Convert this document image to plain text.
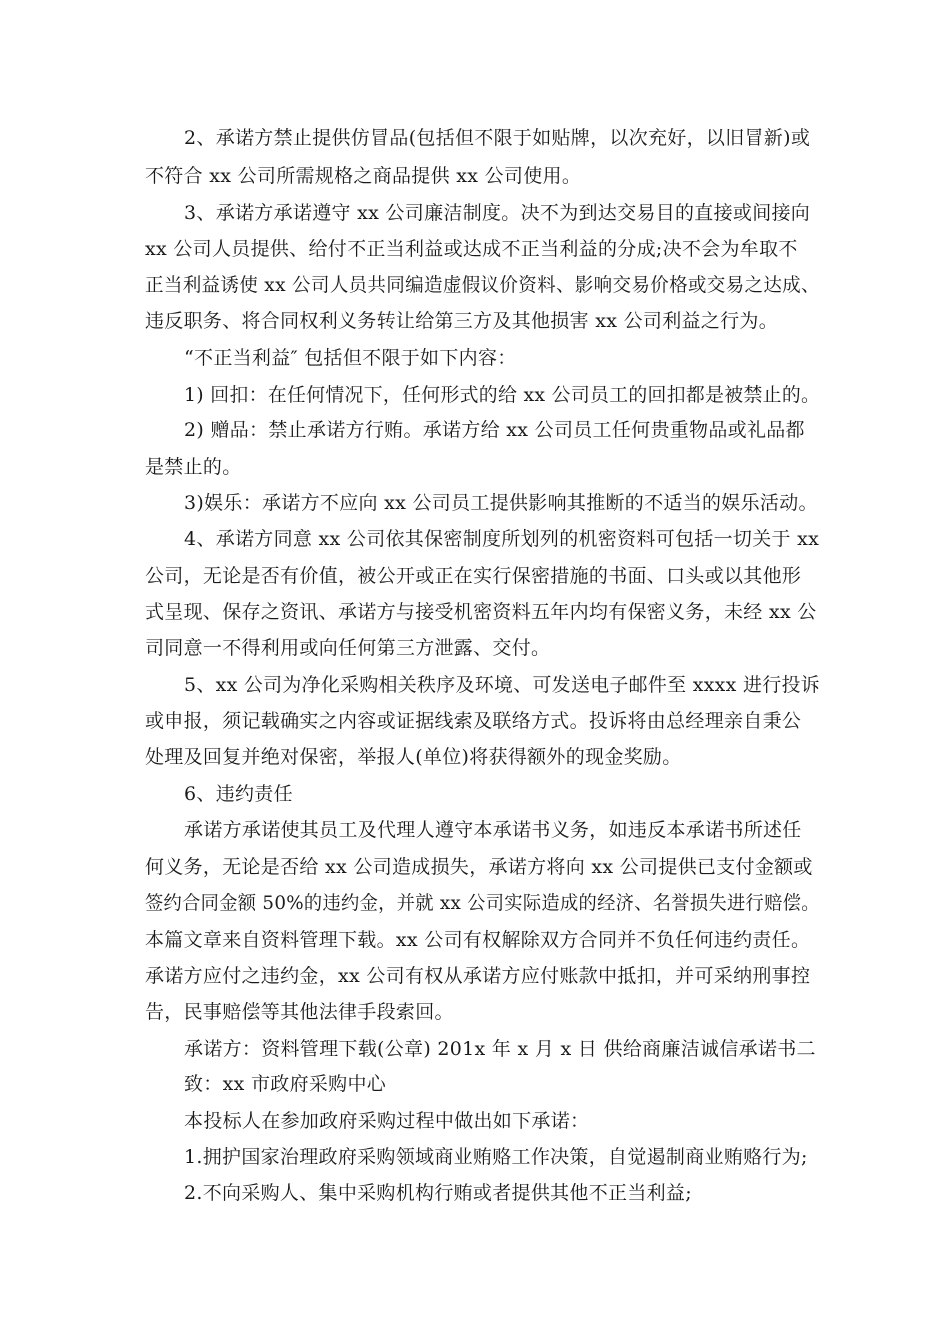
2、承诺方禁止提供仿冒品(包括但不限于如贴牌，以次充好，以旧冒新)或
不符合 xx 公司所需规格之商品提供 xx 公司使用。
3、承诺方承诺遵守 xx 公司廉洁制度。决不为到达交易目的直接或间接向
xx 公司人员提供、给付不正当利益或达成不正当利益的分成;决不会为牟取不
正当利益诱使 xx 公司人员共同编造虚假议价资料、影响交易价格或交易之达成、
违反职务、将合同权利义务转让给第三方及其他损害 xx 公司利益之行为。
“不正当利益″ 包括但不限于如下内容：
1) 回扣：在任何情况下，任何形式的给 xx 公司员工的回扣都是被禁止的。
2) 赠品：禁止承诺方行贿。承诺方给 xx 公司员工任何贵重物品或礼品都
是禁止的。
3)娱乐：承诺方不应向 xx 公司员工提供影响其推断的不适当的娱乐活动。
4、承诺方同意 xx 公司依其保密制度所划列的机密资料可包括一切关于 xx
公司，无论是否有价值，被公开或正在实行保密措施的书面、口头或以其他形
式呈现、保存之资讯、承诺方与接受机密资料五年内均有保密义务，未经 xx 公
司同意一不得利用或向任何第三方泄露、交付。
5、xx 公司为净化采购相关秩序及环境、可发送电子邮件至 xxxx 进行投诉
或申报，须记载确实之内容或证据线索及联络方式。投诉将由总经理亲自秉公
处理及回复并绝对保密，举报人(单位)将获得额外的现金奖励。
6、违约责任
承诺方承诺使其员工及代理人遵守本承诺书义务，如违反本承诺书所述任
何义务，无论是否给 xx 公司造成损失，承诺方将向 xx 公司提供已支付金额或
签约合同金额 50%的违约金，并就 xx 公司实际造成的经济、名誉损失进行赔偿。
本篇文章来自资料管理下载。xx 公司有权解除双方合同并不负任何违约责任。
承诺方应付之违约金，xx 公司有权从承诺方应付账款中抵扣，并可采纳刑事控
告，民事赔偿等其他法律手段索回。
承诺方：资料管理下载(公章) 201x 年 x 月 x 日 供给商廉洁诚信承诺书二
致：xx 市政府采购中心
本投标人在参加政府采购过程中做出如下承诺：
1.拥护国家治理政府采购领域商业贿赂工作决策，自觉遏制商业贿赂行为;
2.不向采购人、集中采购机构行贿或者提供其他不正当利益;
